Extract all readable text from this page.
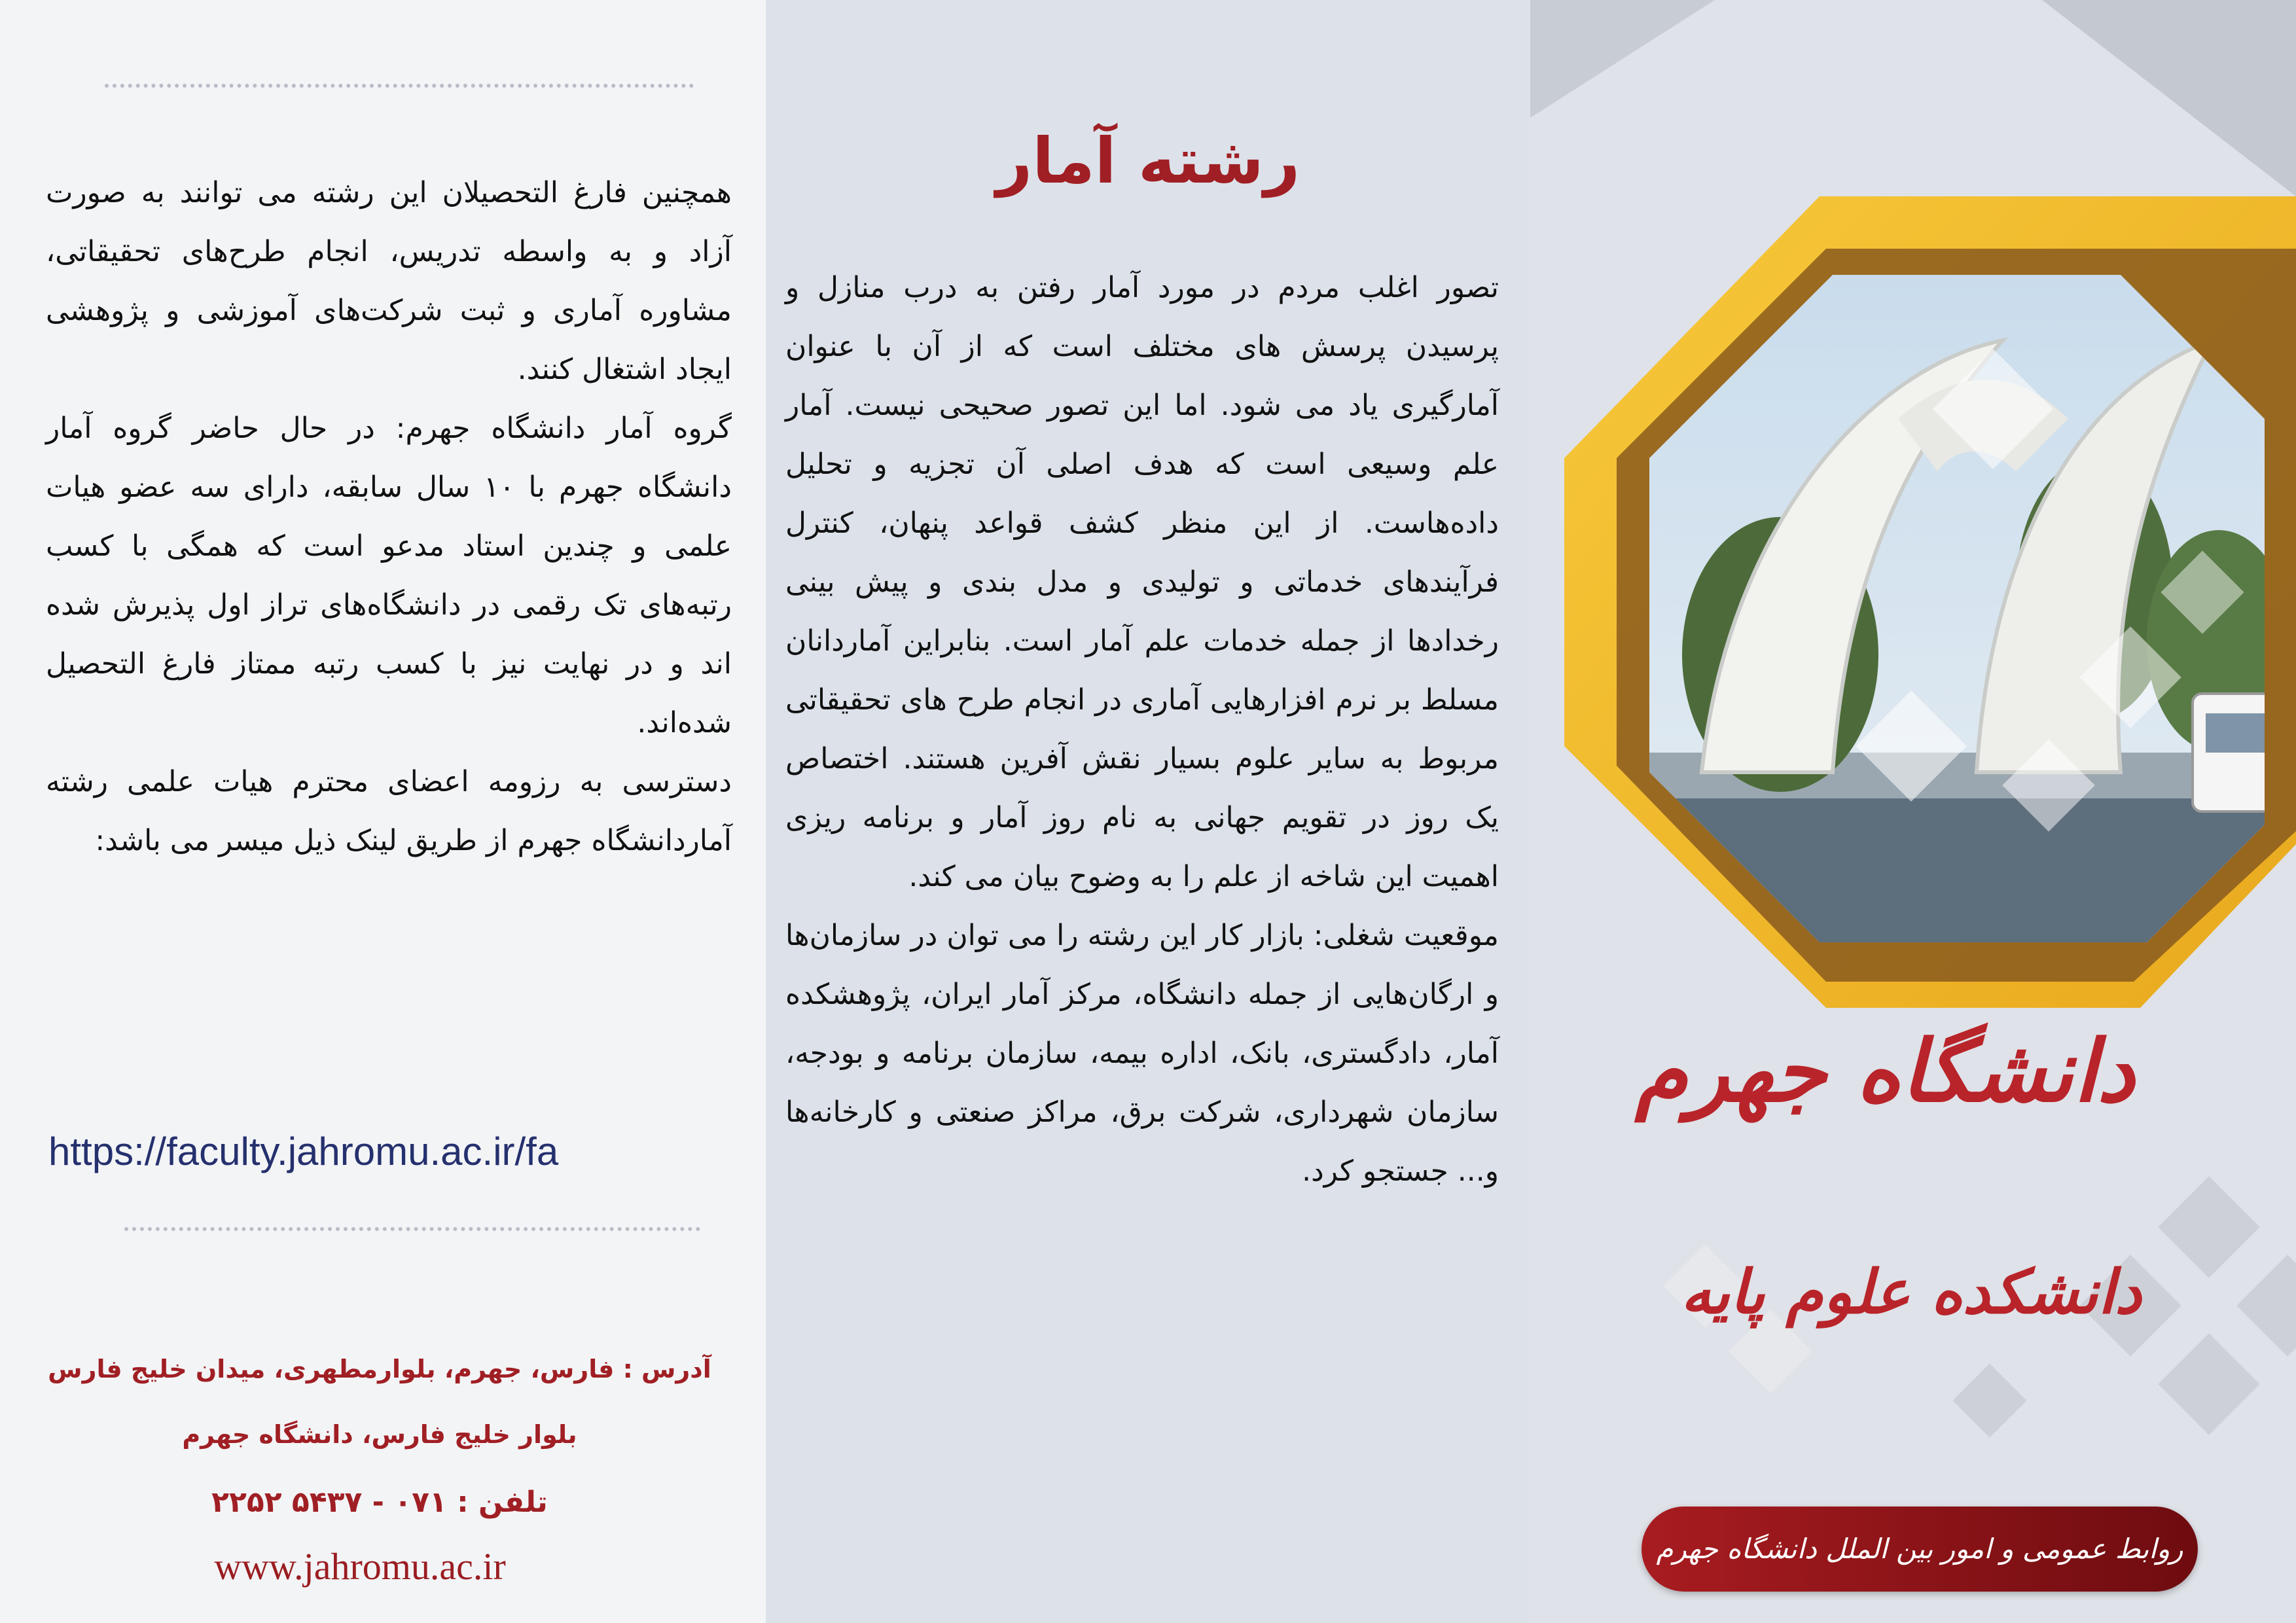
همچنین فارغ التحصیلان این رشته می توانند به صورت آزاد و به واسطه تدریس، انجام طرح‌های تحقیقاتی، مشاوره آماری و ثبت شرکت‌های آموزشی و پژوهشی ایجاد اشتغال کنند.

گروه آمار دانشگاه جهرم: در حال حاضر گروه آمار دانشگاه جهرم با ۱۰ سال سابقه، دارای سه عضو هیات علمی و چندین استاد مدعو است که همگی با کسب رتبه‌های تک رقمی در دانشگاه‌های تراز اول پذیرش شده اند و در نهایت نیز با کسب رتبه ممتاز فارغ التحصیل شده‌اند.

دسترسی به رزومه اعضای محترم هیات علمی رشته آماردانشگاه جهرم از طریق لینک ذیل میسر می باشد:

https://faculty.jahromu.ac.ir/fa
آدرس : فارس، جهرم، بلوارمطهری، میدان خلیج فارس
بلوار خلیج فارس، دانشگاه جهرم
تلفن : ۰۷۱ - ۵۴۳۷ ۲۲۵۲
www.jahromu.ac.ir
رشته آمار

تصور اغلب مردم در مورد آمار رفتن به درب منازل و پرسیدن پرسش های مختلف است که از آن با عنوان آمارگیری یاد می شود. اما این تصور صحیحی نیست. آمار علم وسیعی است که هدف اصلی آن تجزیه و تحلیل داده‌هاست. از این منظر کشف قواعد پنهان، کنترل فرآیندهای خدماتی و تولیدی و مدل بندی و پیش بینی رخدادها از جمله خدمات علم آمار است. بنابراین آماردانان مسلط بر نرم افزارهایی آماری در انجام طرح های تحقیقاتی مربوط به سایر علوم بسیار نقش آفرین هستند. اختصاص یک روز در تقویم جهانی به نام روز آمار و برنامه ریزی اهمیت این شاخه از علم را به وضوح بیان می کند.

موقعیت شغلی: بازار کار این رشته را می توان در سازمان‌ها و ارگان‌هایی از جمله دانشگاه، مرکز آمار ایران، پژوهشکده آمار، دادگستری، بانک، اداره بیمه، سازمان برنامه و بودجه، سازمان شهرداری، شرکت برق، مراکز صنعتی و کارخانه‌ها و... جستجو کرد.

دانشگاه جهرم
دانشکده علوم پایه
روابط عمومی و امور بین الملل دانشگاه جهرم
